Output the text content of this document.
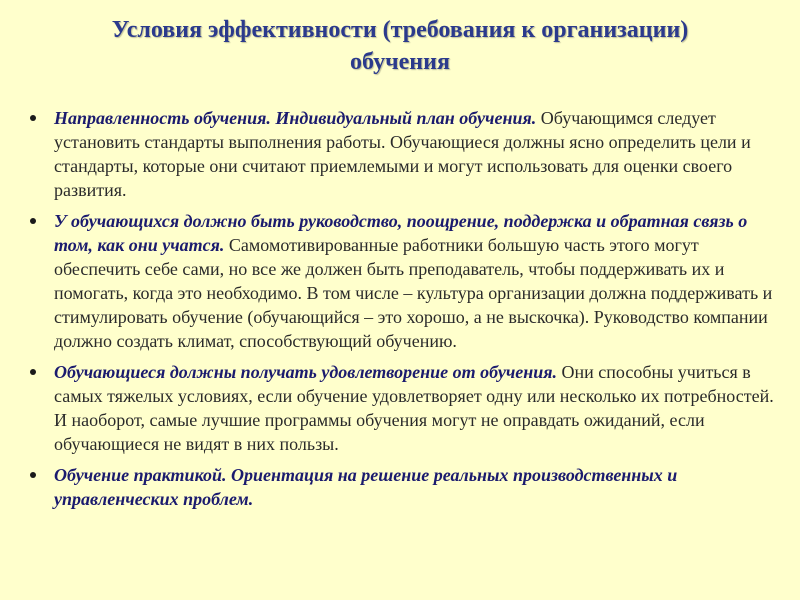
Условия эффективности (требования к организации)
обучения
Направленность обучения. Индивидуальный план обучения. Обучающимся следует установить стандарты выполнения работы. Обучающиеся должны ясно определить цели и стандарты, которые они считают приемлемыми и могут использовать для оценки своего развития.
У обучающихся должно быть руководство, поощрение, поддержка и обратная связь о том, как они учатся. Самомотивированные работники большую часть этого могут обеспечить себе сами, но все же должен быть преподаватель, чтобы поддерживать их и помогать, когда это необходимо. В том числе – культура организации должна поддерживать и стимулировать обучение (обучающийся – это хорошо, а не выскочка). Руководство компании должно создать климат, способствующий обучению.
Обучающиеся должны получать удовлетворение от обучения. Они способны учиться в самых тяжелых условиях, если обучение удовлетворяет одну или несколько их потребностей. И наоборот, самые лучшие программы обучения могут не оправдать ожиданий, если обучающиеся не видят в них пользы.
Обучение практикой. Ориентация на решение реальных производственных и управленческих проблем.
